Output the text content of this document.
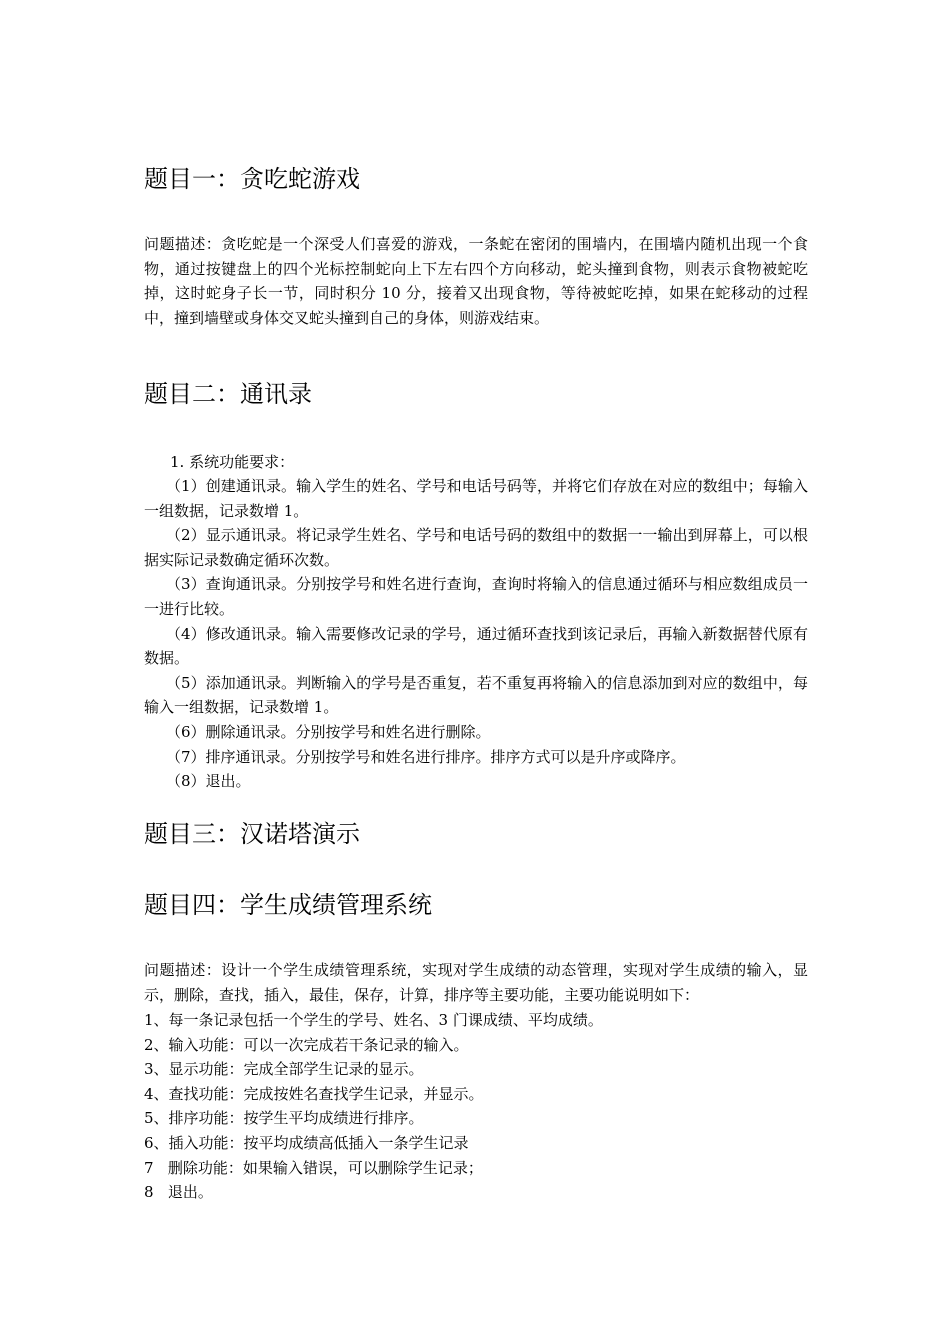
题目一：贪吃蛇游戏

问题描述：贪吃蛇是一个深受人们喜爱的游戏，一条蛇在密闭的围墙内，在围墙内随机出现一个食物，通过按键盘上的四个光标控制蛇向上下左右四个方向移动，蛇头撞到食物，则表示食物被蛇吃掉，这时蛇身子长一节，同时积分 10 分，接着又出现食物，等待被蛇吃掉，如果在蛇移动的过程中，撞到墙壁或身体交叉蛇头撞到自己的身体，则游戏结束。

题目二：通讯录

1. 系统功能要求：

（1）创建通讯录。输入学生的姓名、学号和电话号码等，并将它们存放在对应的数组中；每输入一组数据，记录数增 1。
（2）显示通讯录。将记录学生姓名、学号和电话号码的数组中的数据一一输出到屏幕上，可以根据实际记录数确定循环次数。
（3）查询通讯录。分别按学号和姓名进行查询，查询时将输入的信息通过循环与相应数组成员一一进行比较。
（4）修改通讯录。输入需要修改记录的学号，通过循环查找到该记录后，再输入新数据替代原有数据。
（5）添加通讯录。判断输入的学号是否重复，若不重复再将输入的信息添加到对应的数组中，每输入一组数据，记录数增 1。
（6）删除通讯录。分别按学号和姓名进行删除。
（7）排序通讯录。分别按学号和姓名进行排序。排序方式可以是升序或降序。
（8）退出。
题目三：汉诺塔演示
题目四：学生成绩管理系统

问题描述：设计一个学生成绩管理系统，实现对学生成绩的动态管理，实现对学生成绩的输入，显示，删除，查找，插入，最佳，保存，计算，排序等主要功能，主要功能说明如下：

1、每一条记录包括一个学生的学号、姓名、3 门课成绩、平均成绩。
2、输入功能：可以一次完成若干条记录的输入。
3、显示功能：完成全部学生记录的显示。
4、查找功能：完成按姓名查找学生记录，并显示。
5、排序功能：按学生平均成绩进行排序。
6、插入功能：按平均成绩高低插入一条学生记录
7   删除功能：如果输入错误，可以删除学生记录；
8   退出。
